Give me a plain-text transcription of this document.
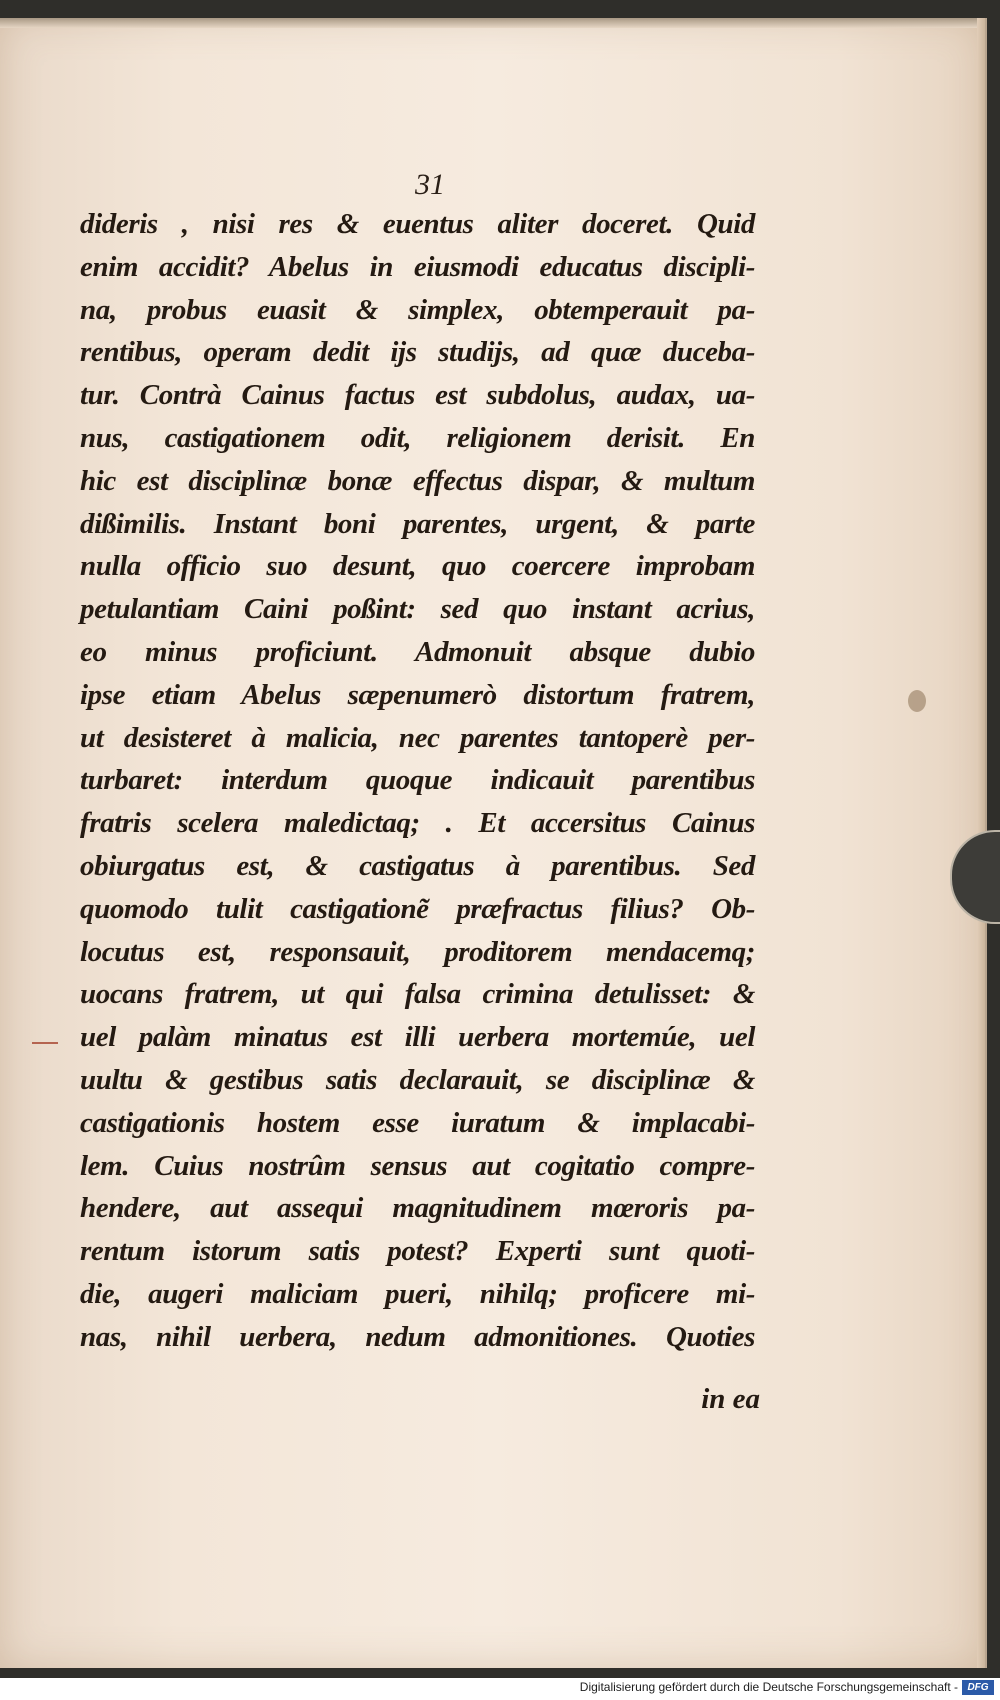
31
dideris , nisi res & euentus aliter doceret. Quid
enim accidit? Abelus in eiusmodi educatus discipli-
na, probus euasit & simplex, obtemperauit pa-
rentibus, operam dedit ijs studijs, ad quæ duceba-
tur. Contrà Cainus factus est subdolus, audax, ua-
nus, castigationem odit, religionem derisit. En
hic est disciplinæ bonæ effectus dispar, & multum
dißimilis. Instant boni parentes, urgent, & parte
nulla officio suo desunt, quo coercere improbam
petulantiam Caini poßint: sed quo instant acrius,
eo minus proficiunt. Admonuit absque dubio
ipse etiam Abelus sæpenumerò distortum fratrem,
ut desisteret à malicia, nec parentes tantoperè per-
turbaret: interdum quoque indicauit parentibus
fratris scelera maledictaq; . Et accersitus Cainus
obiurgatus est, & castigatus à parentibus. Sed
quomodo tulit castigationẽ præfractus filius? Ob-
locutus est, responsauit, proditorem mendacemq;
uocans fratrem, ut qui falsa crimina detulisset: &
uel palàm minatus est illi uerbera mortemúe, uel
uultu & gestibus satis declarauit, se disciplinæ &
castigationis hostem esse iuratum & implacabi-
lem. Cuius nostrûm sensus aut cogitatio compre-
hendere, aut assequi magnitudinem mœroris pa-
rentum istorum satis potest? Experti sunt quoti-
die, augeri maliciam pueri, nihilq; proficere mi-
nas, nihil uerbera, nedum admonitiones. Quoties
in ea
Digitalisierung gefördert durch die Deutsche Forschungsgemeinschaft - DFG
